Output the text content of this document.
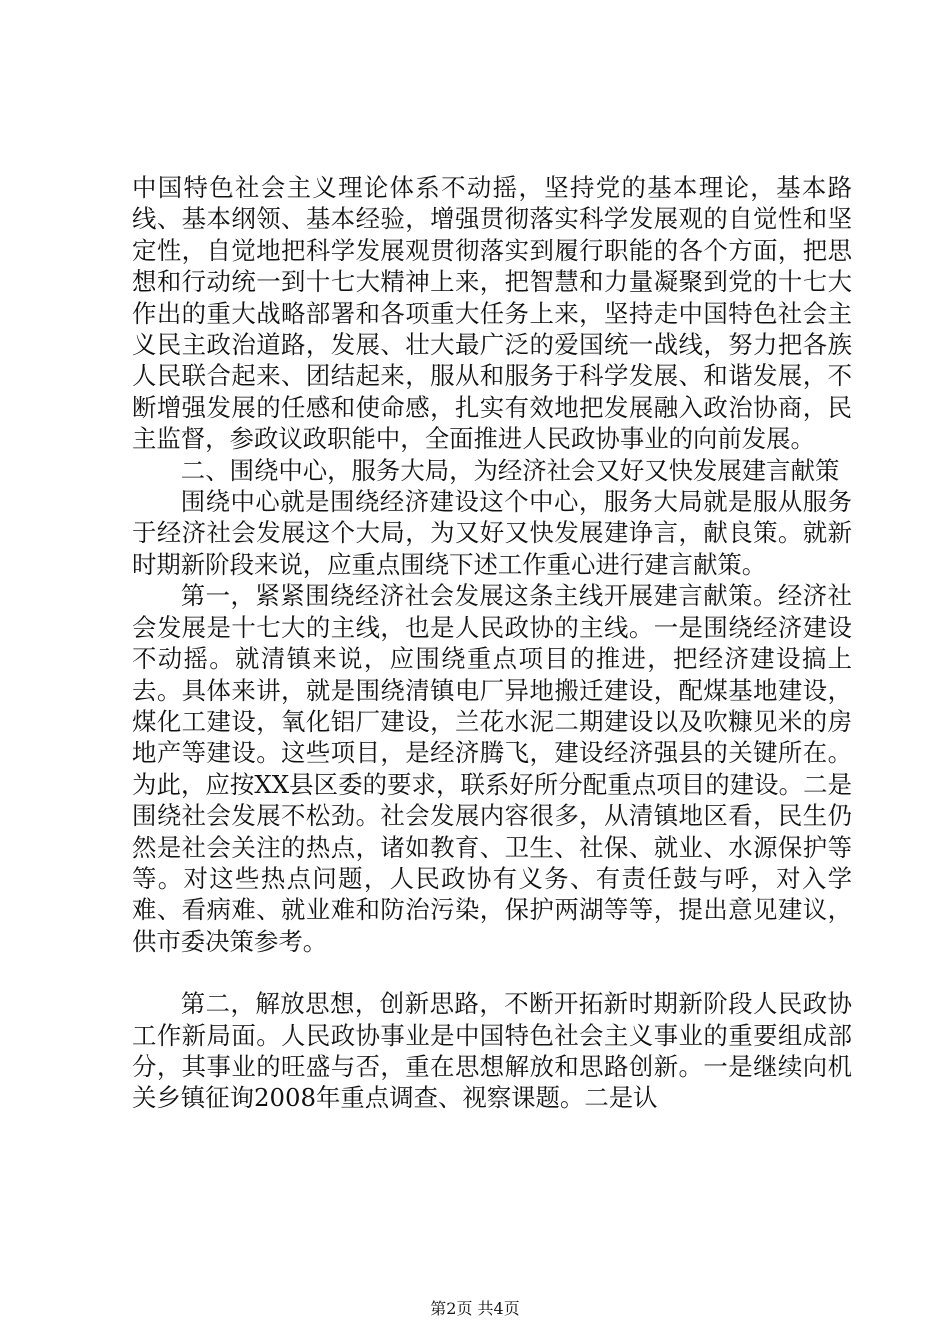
中国特色社会主义理论体系不动摇，坚持党的基本理论，基本路线、基本纲领、基本经验，增强贯彻落实科学发展观的自觉性和坚定性，自觉地把科学发展观贯彻落实到履行职能的各个方面，把思想和行动统一到十七大精神上来，把智慧和力量凝聚到党的十七大作出的重大战略部署和各项重大任务上来，坚持走中国特色社会主义民主政治道路，发展、壮大最广泛的爱国统一战线，努力把各族人民联合起来、团结起来，服从和服务于科学发展、和谐发展，不断增强发展的任感和使命感，扎实有效地把发展融入政治协商，民主监督，参政议政职能中，全面推进人民政协事业的向前发展。

二、围绕中心，服务大局，为经济社会又好又快发展建言献策

围绕中心就是围绕经济建设这个中心，服务大局就是服从服务于经济社会发展这个大局，为又好又快发展建诤言，献良策。就新时期新阶段来说，应重点围绕下述工作重心进行建言献策。

第一，紧紧围绕经济社会发展这条主线开展建言献策。经济社会发展是十七大的主线，也是人民政协的主线。一是围绕经济建设不动摇。就清镇来说，应围绕重点项目的推进，把经济建设搞上去。具体来讲，就是围绕清镇电厂异地搬迁建设，配煤基地建设，煤化工建设，氧化铝厂建设，兰花水泥二期建设以及吹糠见米的房地产等建设。这些项目，是经济腾飞，建设经济强县的关键所在。为此，应按XX县区委的要求，联系好所分配重点项目的建设。二是围绕社会发展不松劲。社会发展内容很多，从清镇地区看，民生仍然是社会关注的热点，诸如教育、卫生、社保、就业、水源保护等等。对这些热点问题，人民政协有义务、有责任鼓与呼，对入学难、看病难、就业难和防治污染，保护两湖等等，提出意见建议，供市委决策参考。

第二，解放思想，创新思路，不断开拓新时期新阶段人民政协工作新局面。人民政协事业是中国特色社会主义事业的重要组成部分，其事业的旺盛与否，重在思想解放和思路创新。一是继续向机关乡镇征询2008年重点调查、视察课题。二是认

第2页 共4页
